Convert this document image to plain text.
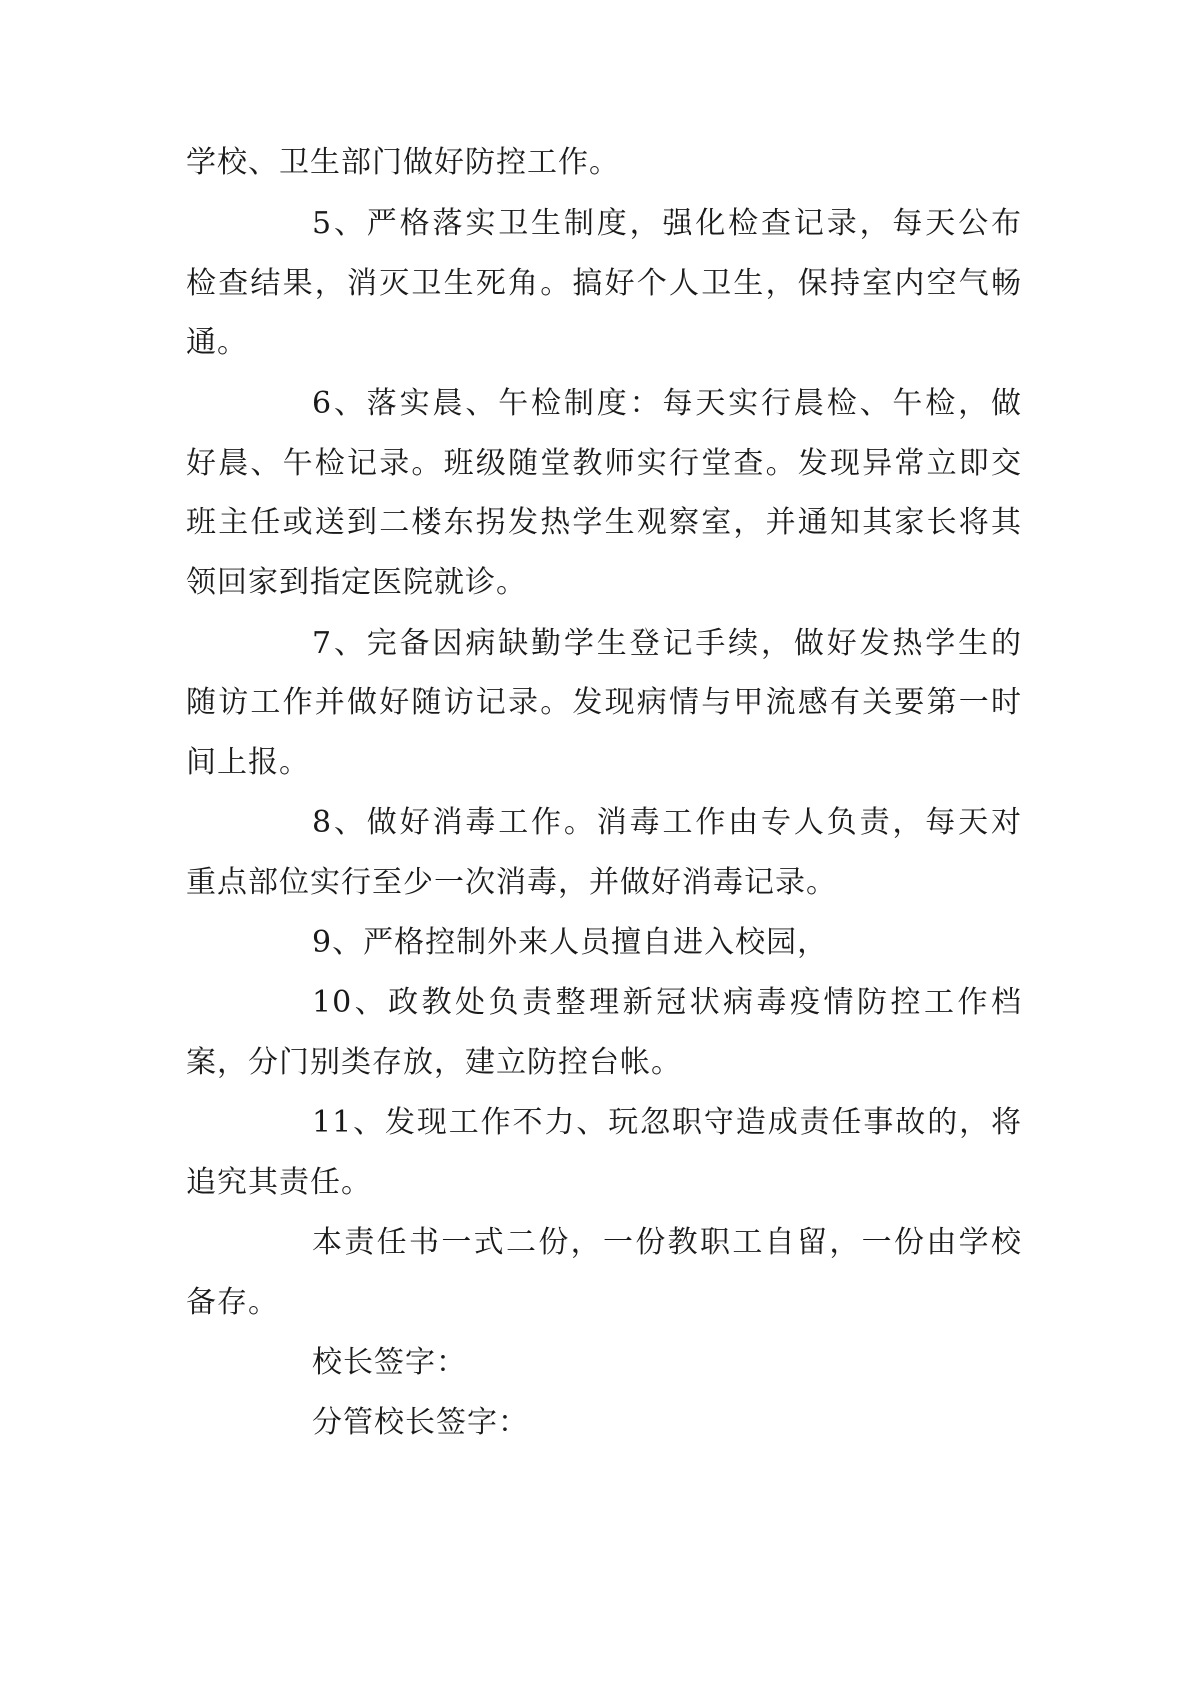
学校、卫生部门做好防控工作。
5、严格落实卫生制度，强化检查记录，每天公布
检查结果，消灭卫生死角。搞好个人卫生，保持室内空气畅
通。
6、落实晨、午检制度：每天实行晨检、午检，做
好晨、午检记录。班级随堂教师实行堂查。发现异常立即交
班主任或送到二楼东拐发热学生观察室，并通知其家长将其
领回家到指定医院就诊。
7、完备因病缺勤学生登记手续，做好发热学生的
随访工作并做好随访记录。发现病情与甲流感有关要第一时
间上报。
8、做好消毒工作。消毒工作由专人负责，每天对
重点部位实行至少一次消毒，并做好消毒记录。
9、严格控制外来人员擅自进入校园，
10、政教处负责整理新冠状病毒疫情防控工作档
案，分门别类存放，建立防控台帐。
11、发现工作不力、玩忽职守造成责任事故的，将
追究其责任。
本责任书一式二份，一份教职工自留，一份由学校
备存。
校长签字：
分管校长签字：
